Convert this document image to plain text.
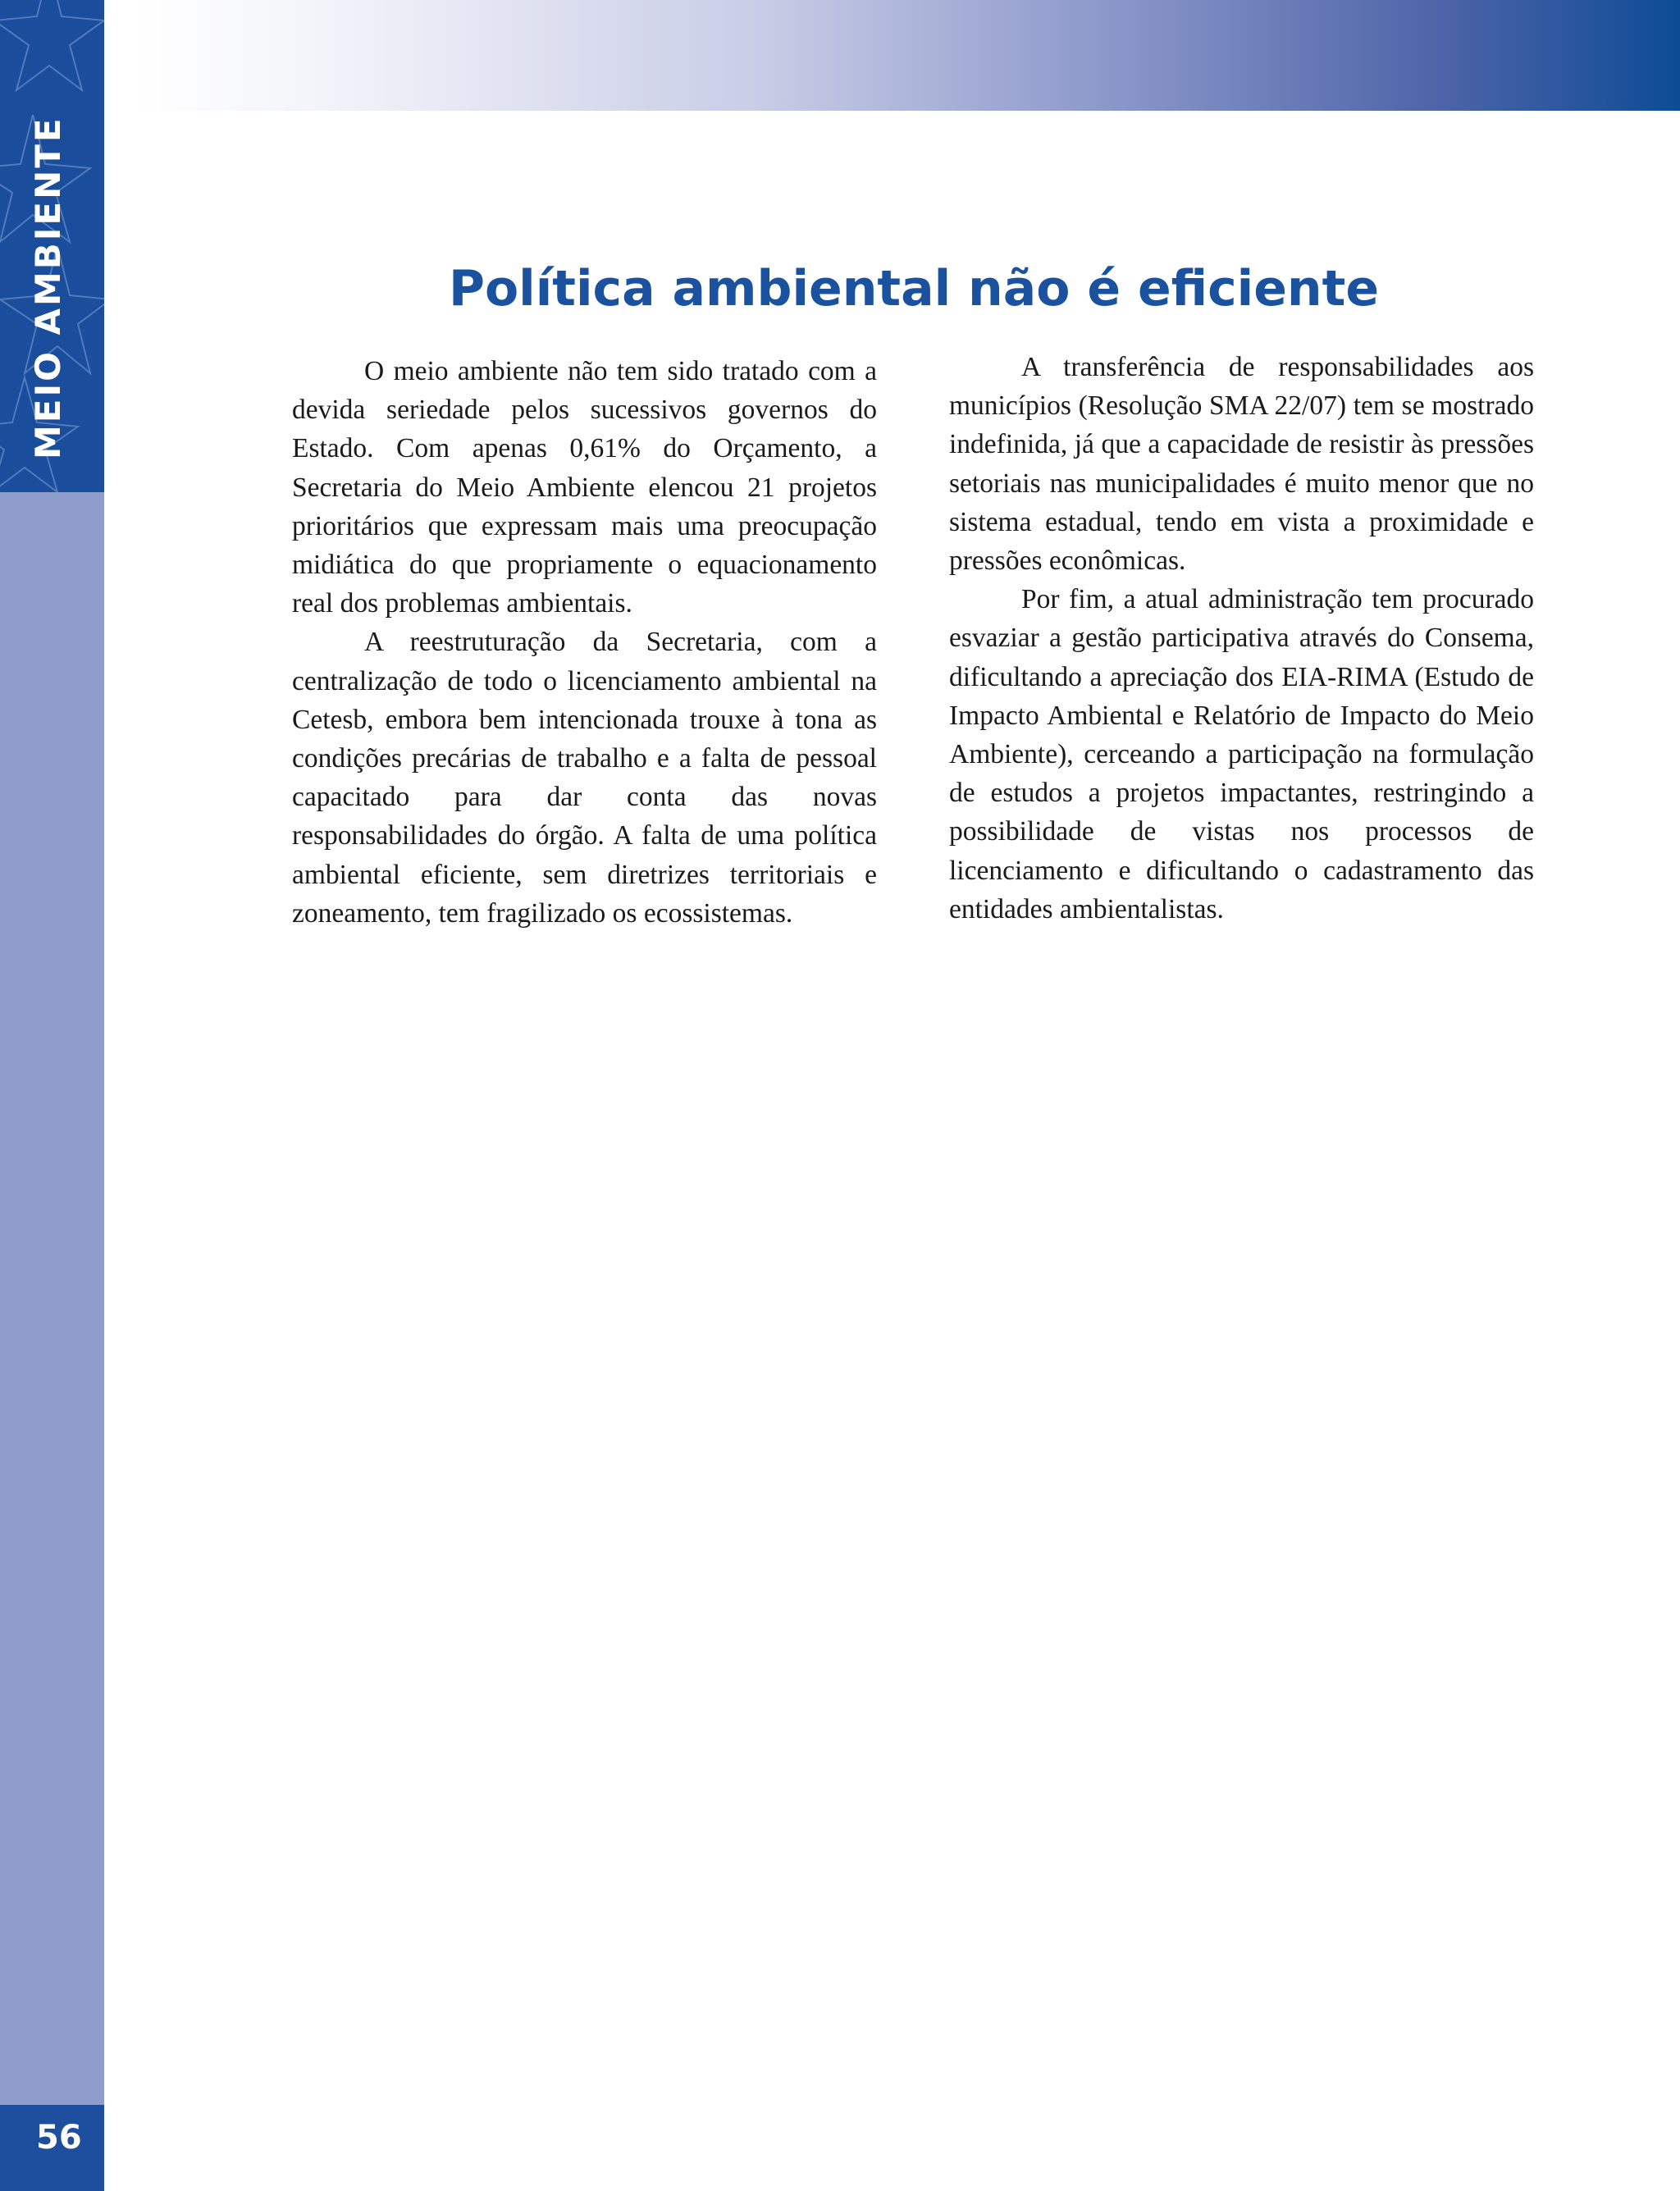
MEIO AMBIENTE
56
Política ambiental não é eficiente

O meio ambiente não tem sido tratado com a devida seriedade pelos sucessivos governos do Estado. Com apenas 0,61% do Orçamento, a Secretaria do Meio Ambiente elencou 21 projetos prioritários que expressam mais uma preocupação midiática do que propriamente o equacionamento real dos problemas ambientais.

A reestruturação da Secretaria, com a centralização de todo o licenciamento ambiental na Cetesb, embora bem intencionada trouxe à tona as condições precárias de trabalho e a falta de pessoal capacitado para dar conta das novas responsabilidades do órgão. A falta de uma política ambiental eficiente, sem diretrizes territoriais e zoneamento, tem fragilizado os ecossistemas.

A transferência de responsabilidades aos municípios (Resolução SMA 22/07) tem se mostrado indefinida, já que a capacidade de resistir às pressões setoriais nas municipalidades é muito menor que no sistema estadual, tendo em vista a proximidade e pressões econômicas.

Por fim, a atual administração tem procurado esvaziar a gestão participativa através do Consema, dificultando a apreciação dos EIA-RIMA (Estudo de Impacto Ambiental e Relatório de Impacto do Meio Ambiente), cerceando a participação na formulação de estudos a projetos impactantes, restringindo a possibilidade de vistas nos processos de licenciamento e dificultando o cadastramento das entidades ambientalistas.
